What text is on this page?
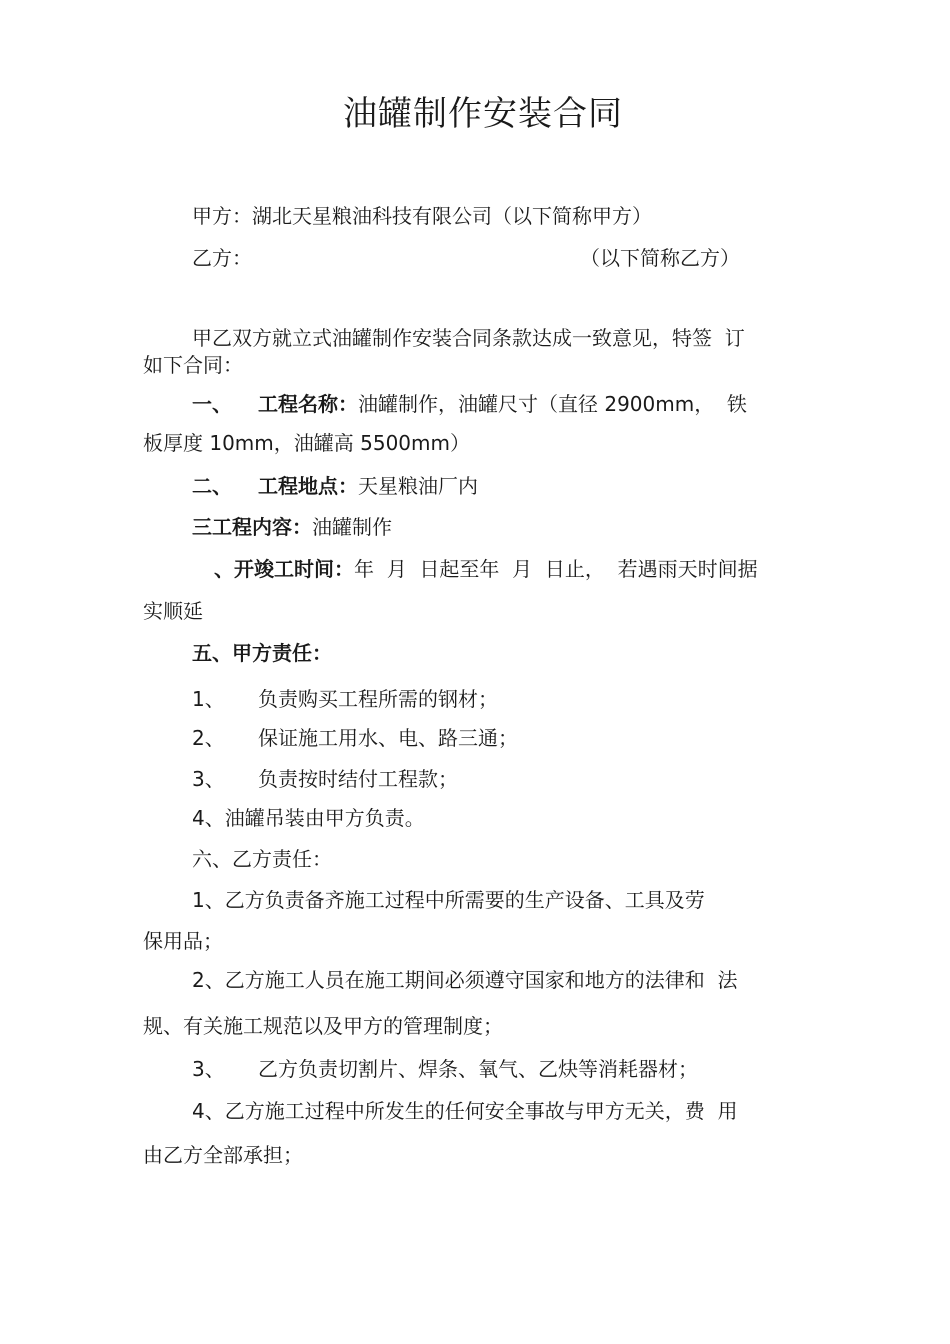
油罐制作安装合同
甲方：湖北天星粮油科技有限公司（以下简称甲方）
乙方：	（以下简称乙方）
甲乙双方就立式油罐制作安装合同条款达成一致意见，特签  订
如下合同：
一、 工程名称：油罐制作，油罐尺寸（直径 2900mm，  铁
板厚度 10mm，油罐高 5500mm）
二、 工程地点：天星粮油厂内
三工程内容：油罐制作
、开竣工时间：年  月  日起至年  月  日止，  若遇雨天时间据
实顺延
五、甲方责任：
1、 负责购买工程所需的钢材；
2、 保证施工用水、电、路三通；
3、 负责按时结付工程款；
4、油罐吊装由甲方负责。
六、乙方责任：
1、乙方负责备齐施工过程中所需要的生产设备、工具及劳
保用品；
2、乙方施工人员在施工期间必须遵守国家和地方的法律和  法
规、有关施工规范以及甲方的管理制度；
3、 乙方负责切割片、焊条、氧气、乙炔等消耗器材；
4、乙方施工过程中所发生的任何安全事故与甲方无关，费  用
由乙方全部承担；
